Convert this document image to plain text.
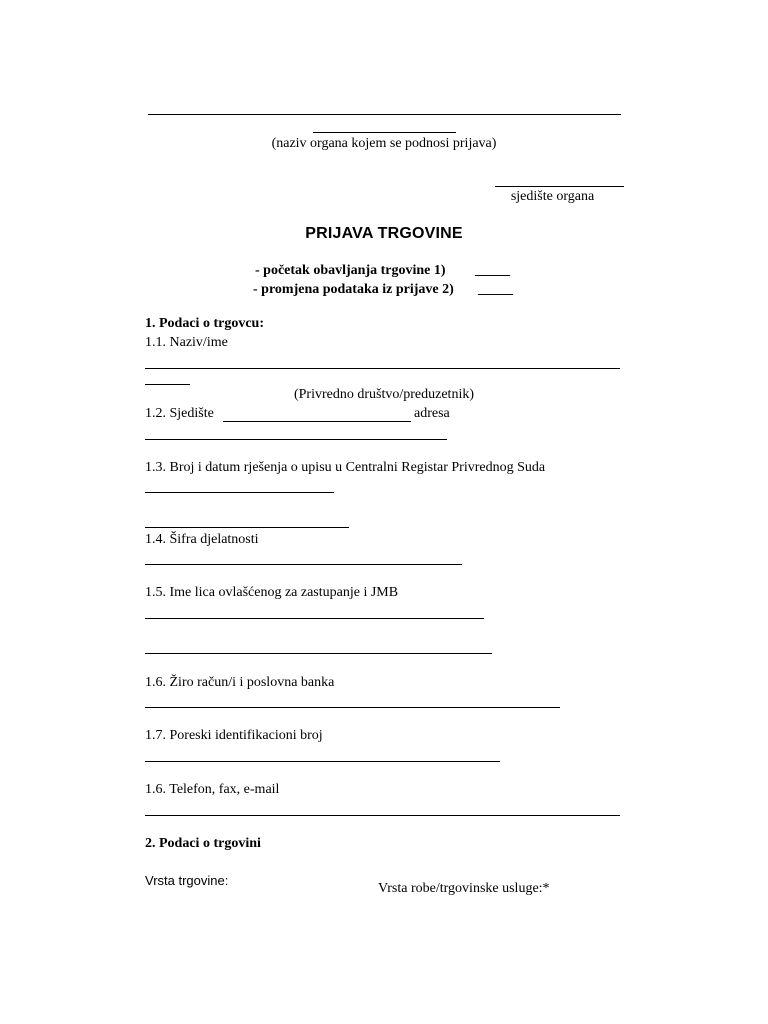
(naziv organa kojem se podnosi prijava)
sjedište organa
PRIJAVA TRGOVINE
- početak obavljanja trgovine 1) _____
- promjena podataka iz prijave 2) _____
1. Podaci o trgovcu:
1.1. Naziv/ime
(Privredno društvo/preduzetnik)
1.2. Sjedište	adresa
1.3. Broj i datum rješenja o upisu u Centralni Registar Privrednog Suda
1.4. Šifra djelatnosti
1.5. Ime lica ovlašćenog za zastupanje i JMB
1.6. Žiro račun/i i poslovna banka
1.7. Poreski identifikacioni broj
1.6. Telefon, fax, e-mail
2. Podaci o trgovini
Vrsta trgovine:
Vrsta robe/trgovinske usluge:*
